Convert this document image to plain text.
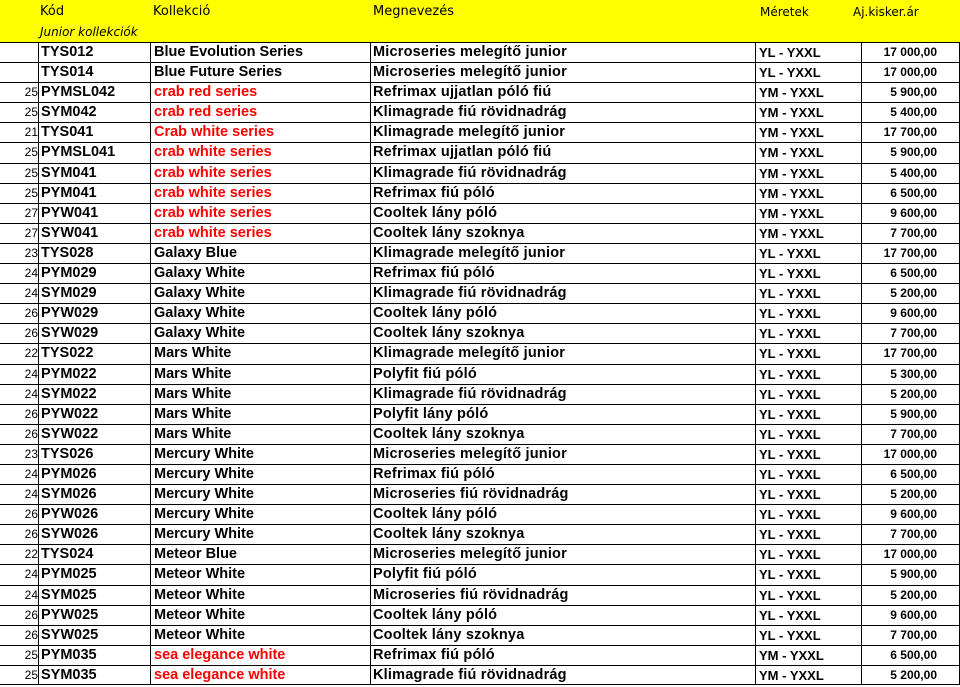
Kód	Kollekció	Megnevezés	Méretek	Aj.kisker.ár
Junior kollekciók
TYS012	Blue Evolution Series	Microseries melegítő junior	YL - YXXL	17 000,00
TYS014	Blue Future Series	Microseries melegítő junior	YL - YXXL	17 000,00
25 PYMSL042	crab red series	Refrimax ujjatlan póló fiú	YM - YXXL	5 900,00
25 SYM042	crab red series	Klimagrade fiú rövidnadrág	YM - YXXL	5 400,00
21 TYS041	Crab white series	Klimagrade melegítő junior	YM - YXXL	17 700,00
25 PYMSL041	crab white series	Refrimax ujjatlan póló fiú	YM - YXXL	5 900,00
25 SYM041	crab white series	Klimagrade fiú rövidnadrág	YM - YXXL	5 400,00
25 PYM041	crab white series	Refrimax fiú póló	YM - YXXL	6 500,00
27 PYW041	crab white series	Cooltek lány póló	YM - YXXL	9 600,00
27 SYW041	crab white series	Cooltek lány szoknya	YM - YXXL	7 700,00
23 TYS028	Galaxy Blue	Klimagrade melegítő junior	YL - YXXL	17 700,00
24 PYM029	Galaxy White	Refrimax fiú póló	YL - YXXL	6 500,00
24 SYM029	Galaxy White	Klimagrade fiú rövidnadrág	YL - YXXL	5 200,00
26 PYW029	Galaxy White	Cooltek lány póló	YL - YXXL	9 600,00
26 SYW029	Galaxy White	Cooltek lány szoknya	YL - YXXL	7 700,00
22 TYS022	Mars White	Klimagrade melegítő junior	YL - YXXL	17 700,00
24 PYM022	Mars White	Polyfit fiú póló	YL - YXXL	5 300,00
24 SYM022	Mars White	Klimagrade fiú rövidnadrág	YL - YXXL	5 200,00
26 PYW022	Mars White	Polyfit lány póló	YL - YXXL	5 900,00
26 SYW022	Mars White	Cooltek lány szoknya	YL - YXXL	7 700,00
23 TYS026	Mercury White	Microseries melegítő junior	YL - YXXL	17 000,00
24 PYM026	Mercury White	Refrimax fiú póló	YL - YXXL	6 500,00
24 SYM026	Mercury White	Microseries fiú rövidnadrág	YL - YXXL	5 200,00
26 PYW026	Mercury White	Cooltek lány póló	YL - YXXL	9 600,00
26 SYW026	Mercury White	Cooltek lány szoknya	YL - YXXL	7 700,00
22 TYS024	Meteor Blue	Microseries melegítő junior	YL - YXXL	17 000,00
24 PYM025	Meteor White	Polyfit fiú póló	YL - YXXL	5 900,00
24 SYM025	Meteor White	Microseries fiú rövidnadrág	YL - YXXL	5 200,00
26 PYW025	Meteor White	Cooltek lány póló	YL - YXXL	9 600,00
26 SYW025	Meteor White	Cooltek lány szoknya	YL - YXXL	7 700,00
25 PYM035	sea elegance white	Refrimax fiú póló	YM - YXXL	6 500,00
25 SYM035	sea elegance white	Klimagrade fiú rövidnadrág	YM - YXXL	5 200,00
